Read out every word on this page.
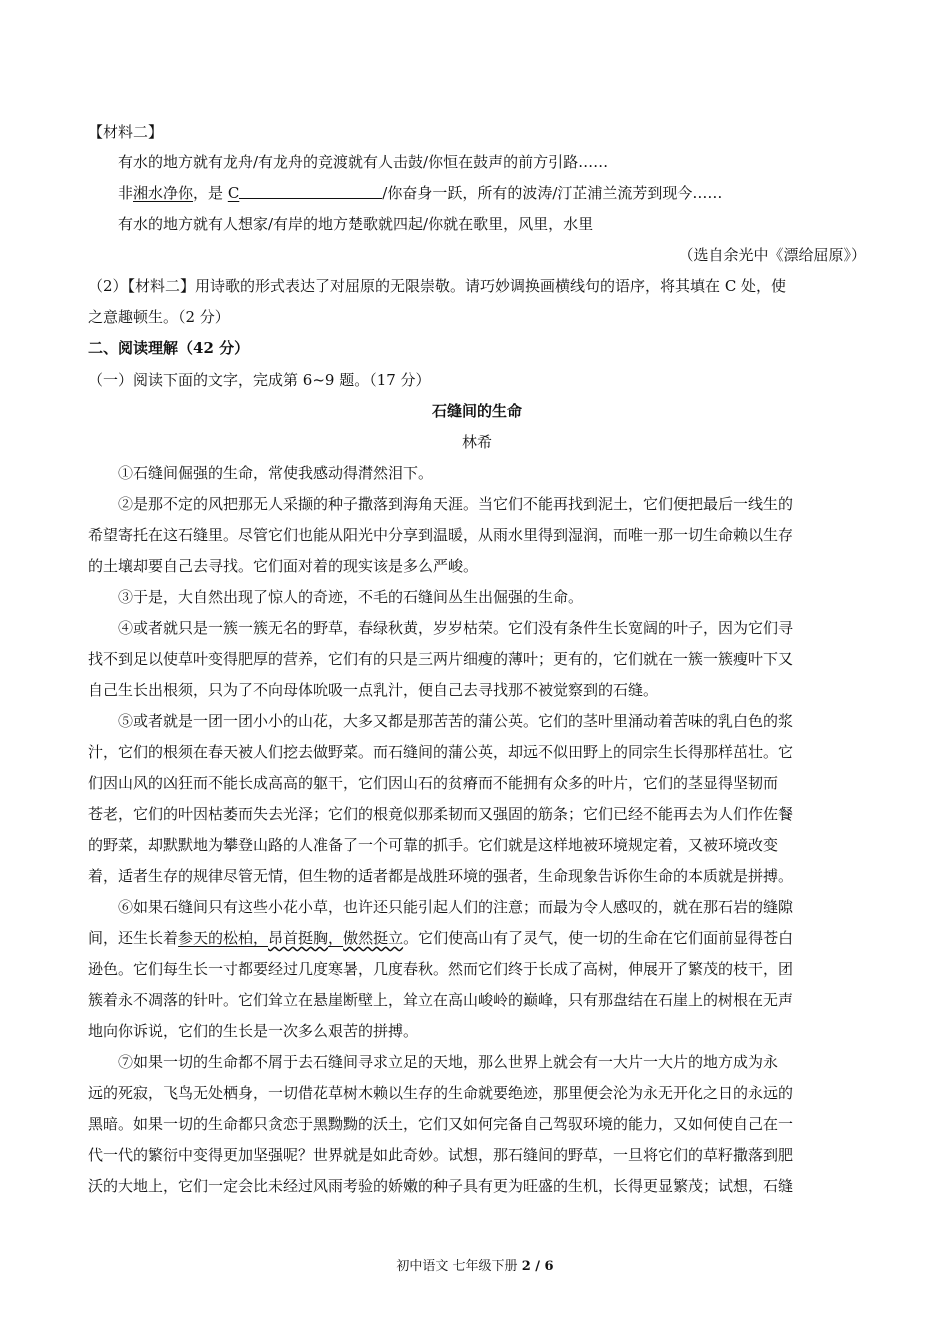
【材料二】
有水的地方就有龙舟/有龙舟的竞渡就有人击鼓/你恒在鼓声的前方引路……
非湘水净你，是 C	/你奋身一跃，所有的波涛/汀芷浦兰流芳到现今……
有水的地方就有人想家/有岸的地方楚歌就四起/你就在歌里，风里，水里
（选自余光中《漂给屈原》）
（2）【材料二】用诗歌的形式表达了对屈原的无限崇敬。请巧妙调换画横线句的语序，将其填在 C 处，使
之意趣顿生。（2 分）
二、阅读理解（42 分）
（一）阅读下面的文字，完成第 6~9 题。（17 分）
石缝间的生命
林希
①石缝间倔强的生命，常使我感动得潸然泪下。
②是那不定的风把那无人采撷的种子撒落到海角天涯。当它们不能再找到泥土，它们便把最后一线生的
希望寄托在这石缝里。尽管它们也能从阳光中分享到温暖，从雨水里得到湿润，而唯一那一切生命赖以生存
的土壤却要自己去寻找。它们面对着的现实该是多么严峻。
③于是，大自然出现了惊人的奇迹，不毛的石缝间丛生出倔强的生命。
④或者就只是一簇一簇无名的野草，春绿秋黄，岁岁枯荣。它们没有条件生长宽阔的叶子，因为它们寻
找不到足以使草叶变得肥厚的营养，它们有的只是三两片细瘦的薄叶；更有的，它们就在一簇一簇瘦叶下又
自己生长出根须，只为了不向母体吮吸一点乳汁，便自己去寻找那不被觉察到的石缝。
⑤或者就是一团一团小小的山花，大多又都是那苦苦的蒲公英。它们的茎叶里涌动着苦味的乳白色的浆
汁，它们的根须在春天被人们挖去做野菜。而石缝间的蒲公英，却远不似田野上的同宗生长得那样茁壮。它
们因山风的凶狂而不能长成高高的躯干，它们因山石的贫瘠而不能拥有众多的叶片，它们的茎显得坚韧而
苍老，它们的叶因枯萎而失去光泽；它们的根竟似那柔韧而又强固的筋条；它们已经不能再去为人们作佐餐
的野菜，却默默地为攀登山路的人准备了一个可靠的抓手。它们就是这样地被环境规定着，又被环境改变
着，适者生存的规律尽管无情，但生物的适者都是战胜环境的强者，生命现象告诉你生命的本质就是拼搏。
⑥如果石缝间只有这些小花小草，也许还只能引起人们的注意；而最为令人感叹的，就在那石岩的缝隙
间，还生长着参天的松柏，昂首挺胸，傲然挺立。它们使高山有了灵气，使一切的生命在它们面前显得苍白
逊色。它们每生长一寸都要经过几度寒暑，几度春秋。然而它们终于长成了高树，伸展开了繁茂的枝干，团
簇着永不凋落的针叶。它们耸立在悬崖断壁上，耸立在高山峻岭的巅峰，只有那盘结在石崖上的树根在无声
地向你诉说，它们的生长是一次多么艰苦的拼搏。
⑦如果一切的生命都不屑于去石缝间寻求立足的天地，那么世界上就会有一大片一大片的地方成为永
远的死寂，飞鸟无处栖身，一切借花草树木赖以生存的生命就要绝迹，那里便会沦为永无开化之日的永远的
黑暗。如果一切的生命都只贪恋于黑黝黝的沃土，它们又如何完备自己驾驭环境的能力，又如何使自己在一
代一代的繁衍中变得更加坚强呢？世界就是如此奇妙。试想，那石缝间的野草，一旦将它们的草籽撒落到肥
沃的大地上，它们一定会比未经过风雨考验的娇嫩的种子具有更为旺盛的生机，长得更显繁茂；试想，石缝
初中语文 七年级下册 2 / 6
